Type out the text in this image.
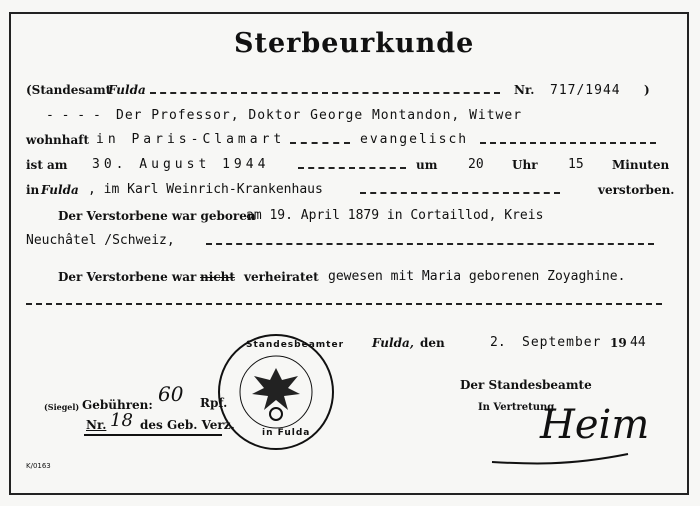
Sterbeurkunde
(Standesamt
Fulda	Nr. 717/1944 )
- - - - Der Professor, Doktor George Montandon, Witwer
wohnhaft in Paris-Clamart	evangelisch
ist am 30. August 1944	um 20 Uhr 15 Minuten
in Fulda , im Karl Weinrich-Krankenhaus	verstorben.
Der Verstorbene war geboren
am 19. April 1879 in Cortaillod, Kreis
Neuchâtel /Schweiz,
Der Verstorbene war nicht verheiratet gewesen mit Maria geborenen Zoyaghine.
Fulda, den	2. September 19 44
Der Standesbeamte
In Vertretung
Heim
Standesbeamter
in Fulda
(Siegel) Gebühren: 60 Rpf.
Nr. 18 des Geb. Verz.
K/0163
